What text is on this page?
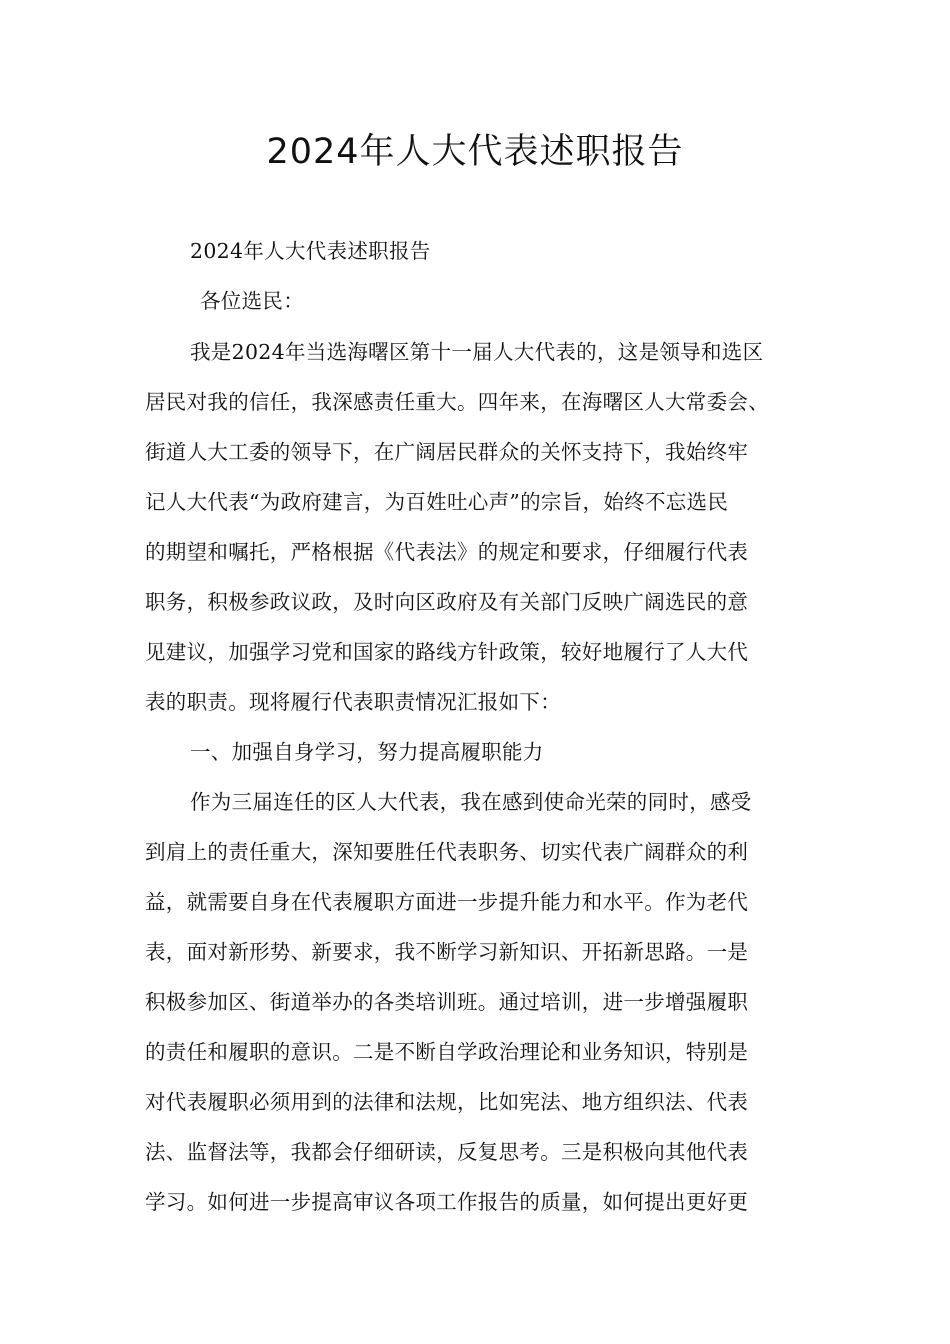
2024年人大代表述职报告
2024年人大代表述职报告
各位选民：
我是2024年当选海曙区第十一届人大代表的，这是领导和选区
居民对我的信任，我深感责任重大。四年来，在海曙区人大常委会、
街道人大工委的领导下，在广阔居民群众的关怀支持下，我始终牢
记人大代表“为政府建言，为百姓吐心声”的宗旨，始终不忘选民
的期望和嘱托，严格根据《代表法》的规定和要求，仔细履行代表
职务，积极参政议政，及时向区政府及有关部门反映广阔选民的意
见建议，加强学习党和国家的路线方针政策，较好地履行了人大代
表的职责。现将履行代表职责情况汇报如下：
一、加强自身学习，努力提高履职能力
作为三届连任的区人大代表，我在感到使命光荣的同时，感受
到肩上的责任重大，深知要胜任代表职务、切实代表广阔群众的利
益，就需要自身在代表履职方面进一步提升能力和水平。作为老代
表，面对新形势、新要求，我不断学习新知识、开拓新思路。一是
积极参加区、街道举办的各类培训班。通过培训，进一步增强履职
的责任和履职的意识。二是不断自学政治理论和业务知识，特别是
对代表履职必须用到的法律和法规，比如宪法、地方组织法、代表
法、监督法等，我都会仔细研读，反复思考。三是积极向其他代表
学习。如何进一步提高审议各项工作报告的质量，如何提出更好更
